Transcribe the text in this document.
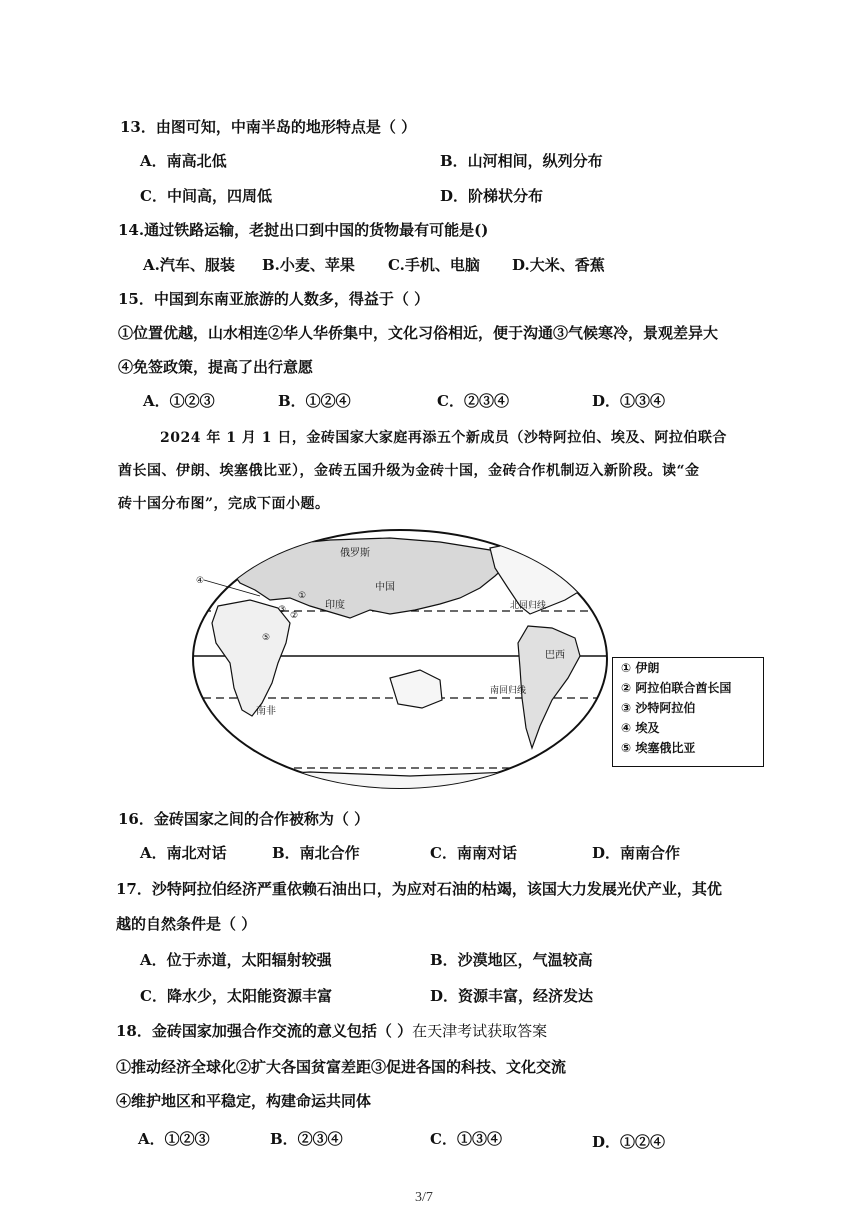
13．由图可知，中南半岛的地形特点是（ ）
A．南高北低	B．山河相间，纵列分布
C．中间高，四周低	D．阶梯状分布
14.通过铁路运输，老挝出口到中国的货物最有可能是()
A.汽车、服装 B.小麦、苹果 C.手机、电脑 D.大米、香蕉
15．中国到东南亚旅游的人数多，得益于（ ）
①位置优越，山水相连②华人华侨集中，文化习俗相近，便于沟通③气候寒冷，景观差异大
④免签政策，提高了出行意愿
A．①②③	B．①②④	C．②③④	D．①③④
2024 年 1 月 1 日，金砖国家大家庭再添五个新成员（沙特阿拉伯、埃及、阿拉伯联合
酋长国、伊朗、埃塞俄比亚），金砖五国升级为金砖十国，金砖合作机制迈入新阶段。读“金
砖十国分布图”，完成下面小题。
俄罗斯
中国
印度
巴西
南非
北回归线
南回归线
①
②
③
④
⑤
① 伊朗
② 阿拉伯联合酋长国
③ 沙特阿拉伯
④ 埃及
⑤ 埃塞俄比亚
16．金砖国家之间的合作被称为（ ）
A．南北对话	B．南北合作	C．南南对话	D．南南合作
17．沙特阿拉伯经济严重依赖石油出口，为应对石油的枯竭，该国大力发展光伏产业，其优
越的自然条件是（ ）
A．位于赤道，太阳辐射较强	B．沙漠地区，气温较高
C．降水少，太阳能资源丰富	D．资源丰富，经济发达
18．金砖国家加强合作交流的意义包括（ ）在天津考试获取答案
①推动经济全球化②扩大各国贫富差距③促进各国的科技、文化交流
④维护地区和平稳定，构建命运共同体
A．①②③	B．②③④	C．①③④	D．①②④
3/7
